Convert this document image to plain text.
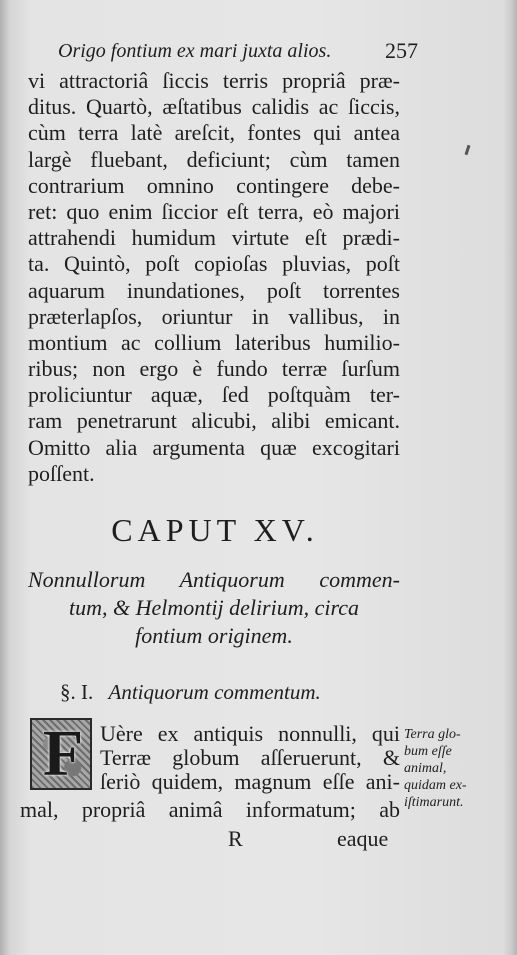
Origo fontium ex mari juxta alios. 257
vi attractoriâ ſiccis terris propriâ præ-
ditus. Quartò, æſtatibus calidis ac ſiccis,
cùm terra latè areſcit, fontes qui antea
largè fluebant, deficiunt; cùm tamen
contrarium omnino contingere debe-
ret: quo enim ſiccior eſt terra, eò majori
attrahendi humidum virtute eſt prædi-
ta. Quintò, poſt copioſas pluvias, poſt
aquarum inundationes, poſt torrentes
præterlapſos, oriuntur in vallibus, in
montium ac collium lateribus humilio-
ribus; non ergo è fundo terræ ſurſum
proliciuntur aquæ, ſed poſtquàm ter-
ram penetrarunt alicubi, alibi emicant.
Omitto alia argumenta quæ excogitari
poſſent.
CAPUT XV.
Nonnullorum Antiquorum commen-
tum, & Helmontij delirium, circa
fontium originem.
§. I. Antiquorum commentum.
F Uère ex antiquis nonnulli, qui
Terræ globum aſſeruerunt, &
ſeriò quidem, magnum eſſe ani-
mal, propriâ animâ informatum; ab
Terra glo-
bum eſſe
animal,
quidam ex-
iſtimarunt.
R	eaque
